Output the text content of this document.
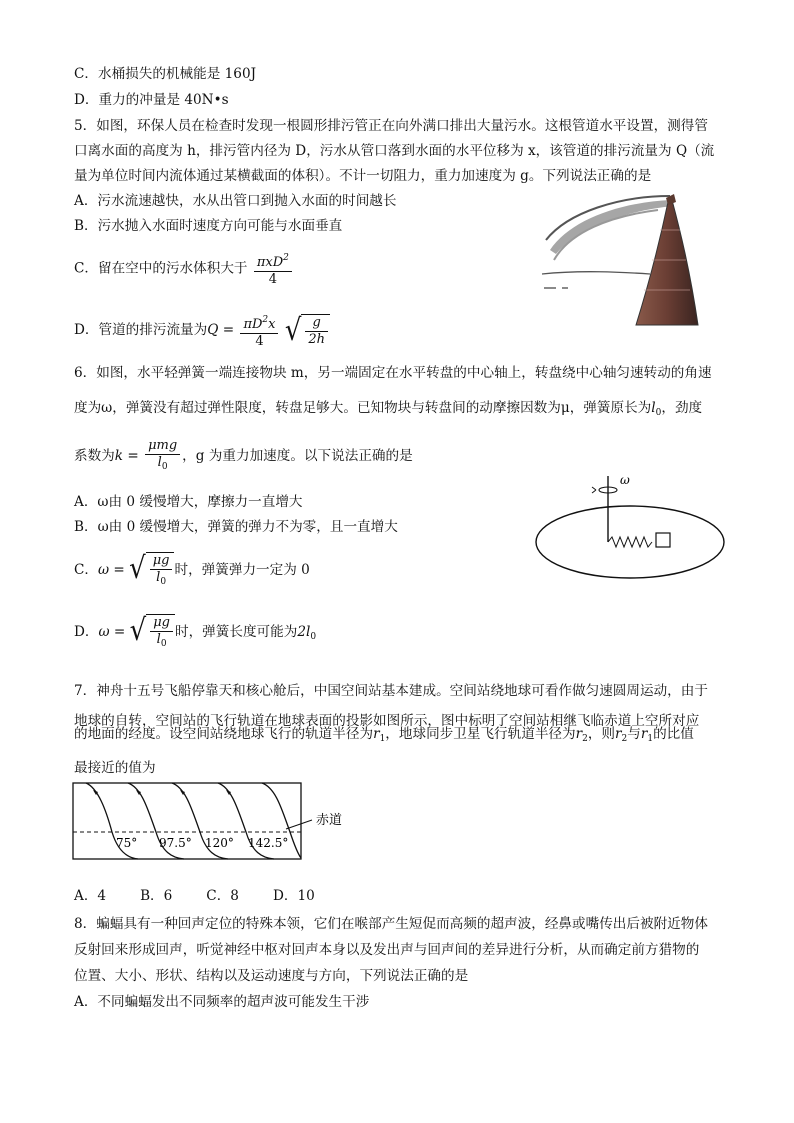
C．水桶损失的机械能是 160J
D．重力的冲量是 40N•s
5．如图，环保人员在检查时发现一根圆形排污管正在向外满口排出大量污水。这根管道水平设置，测得管
口离水面的高度为 h，排污管内径为 D，污水从管口落到水面的水平位移为 x，该管道的排污流量为 Q（流
量为单位时间内流体通过某横截面的体积）。不计一切阻力，重力加速度为 g。下列说法正确的是
A．污水流速越快，水从出管口到抛入水面的时间越长
B．污水抛入水面时速度方向可能与水面垂直
C．留在空中的污水体积大于 $\frac{\pi xD^2}{4}$
D．管道的排污流量为$Q = \frac{\pi D^2x}{4}$
√ $\frac{g}{2h}$
6．如图，水平轻弹簧一端连接物块 m，另一端固定在水平转盘的中心轴上，转盘绕中心轴匀速转动的角速
度为ω，弹簧没有超过弹性限度，转盘足够大。已知物块与转盘间的动摩擦因数为μ，弹簧原长为$l_0$，劲度
系数为$k = \frac{\text{μmg}}{l_0}$ ，g 为重力加速度。以下说法正确的是
A．ω由 0 缓慢增大，摩擦力一直增大
B．ω由 0 缓慢增大，弹簧的弹力不为零，且一直增大
C．ω = √ $\frac{\mu g}{l_0}$ 时，弹簧弹力一定为 0
D．ω = √ $\frac{\mu g}{l_0}$ 时，弹簧长度可能为$2l_0$
ω
7．神舟十五号飞船停靠天和核心舱后，中国空间站基本建成。空间站绕地球可看作做匀速圆周运动，由于
地球的自转，空间站的飞行轨道在地球表面的投影如图所示，图中标明了空间站相继飞临赤道上空所对应
的地面的经度。设空间站绕地球飞行的轨道半径为$r_1$，地球同步卫星飞行轨道半径为$r_2$，则$r_2$与$r_1$的比值
最接近的值为
75° 97.5° 120° 142.5°
赤道
A．4	B．6	C．8	D．10
8．蝙蝠具有一种回声定位的特殊本领，它们在喉部产生短促而高频的超声波，经鼻或嘴传出后被附近物体
反射回来形成回声，听觉神经中枢对回声本身以及发出声与回声间的差异进行分析，从而确定前方猎物的
位置、大小、形状、结构以及运动速度与方向，下列说法正确的是
A．不同蝙蝠发出不同频率的超声波可能发生干涉
